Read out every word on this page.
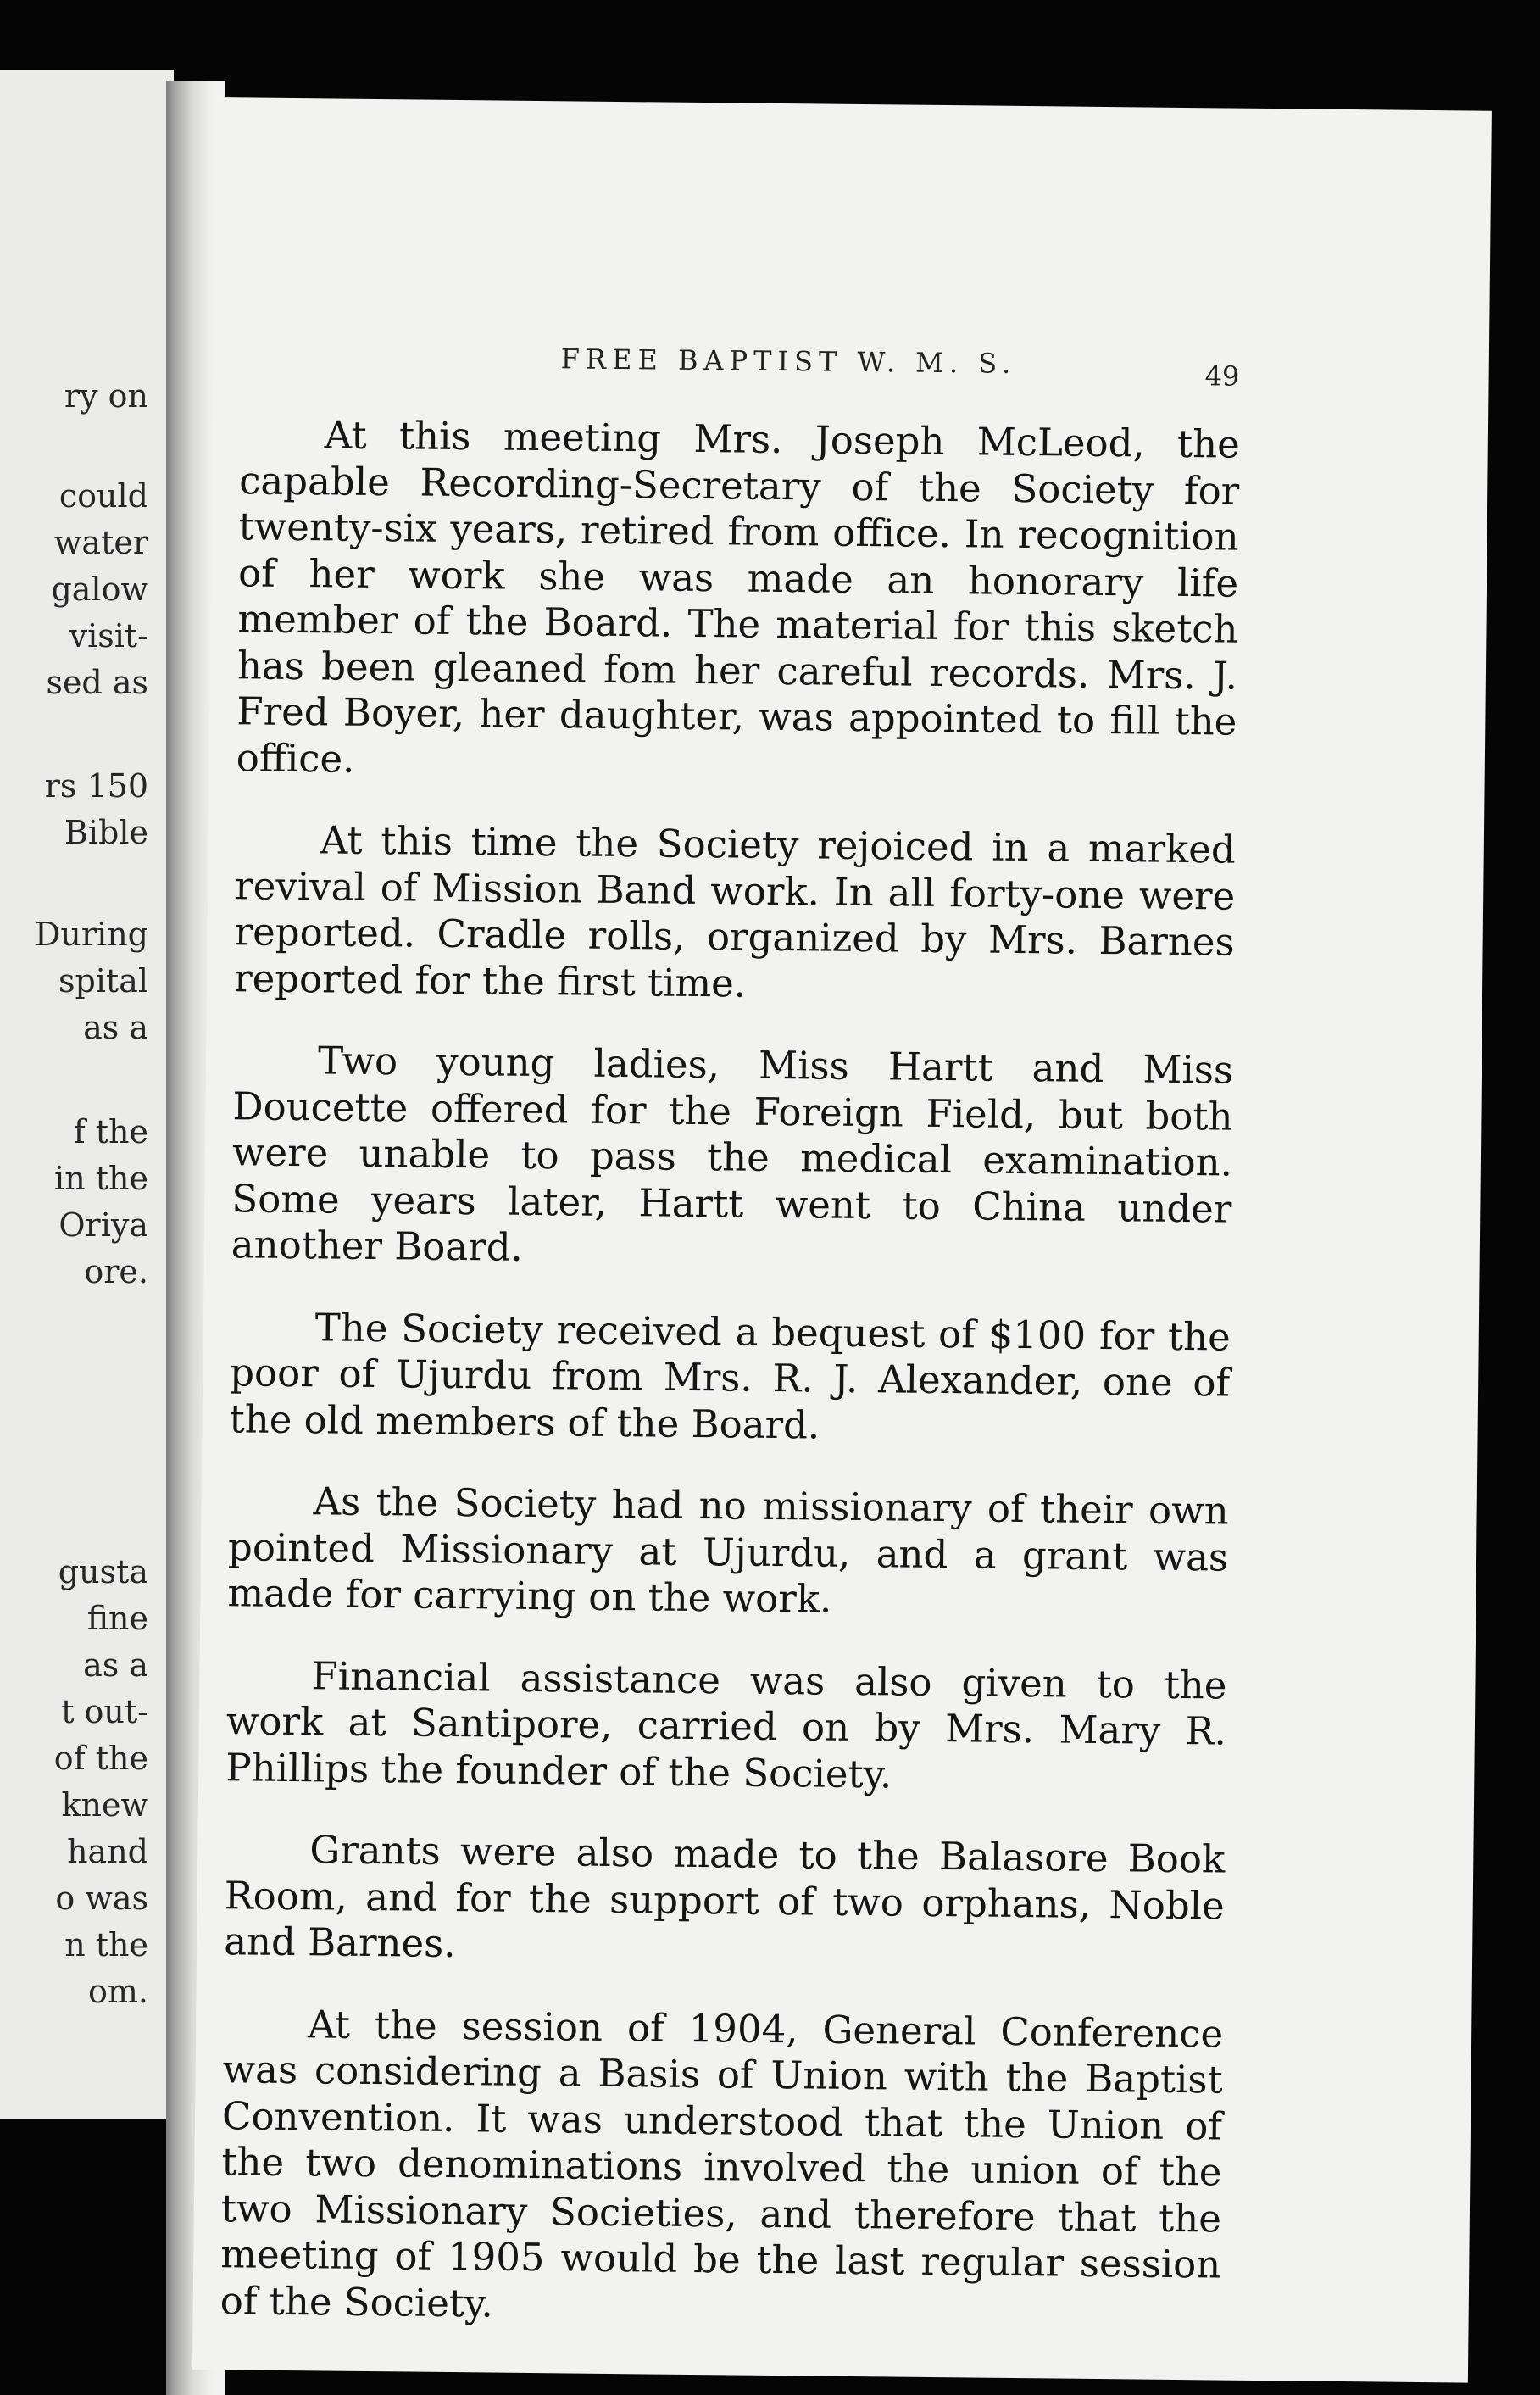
ry on
could
water
galow
visit-
sed as
rs 150
Bible
During
spital
as a
f the
in the
Oriya
ore.
gusta
fine
as a
t out-
of the
knew
hand
o was
n the
om.
FREE BAPTIST W. M. S.	49

At this meeting Mrs. Joseph McLeod, the capable Recording-Secretary of the Society for twenty-six years, retired from office. In recognition of her work she was made an honorary life member of the Board. The material for this sketch has been gleaned fom her careful records. Mrs. J. Fred Boyer, her daughter, was appointed to fill the office.

At this time the Society rejoiced in a marked revival of Mission Band work. In all forty-one were reported. Cradle rolls, organized by Mrs. Barnes reported for the first time.

Two young ladies, Miss Hartt and Miss Doucette offered for the Foreign Field, but both were unable to pass the medical examination. Some years later, Hartt went to China under another Board.

The Society received a bequest of $100 for the poor of Ujurdu from Mrs. R. J. Alexander, one of the old members of the Board.

As the Society had no missionary of their own pointed Missionary at Ujurdu, and a grant was made for carrying on the work.

Financial assistance was also given to the work at Santipore, carried on by Mrs. Mary R. Phillips the founder of the Society.

Grants were also made to the Balasore Book Room, and for the support of two orphans, Noble and Barnes.

At the session of 1904, General Conference was considering a Basis of Union with the Baptist Convention. It was understood that the Union of the two denominations involved the union of the two Missionary Societies, and therefore that the meeting of 1905 would be the last regular session of the Society.
